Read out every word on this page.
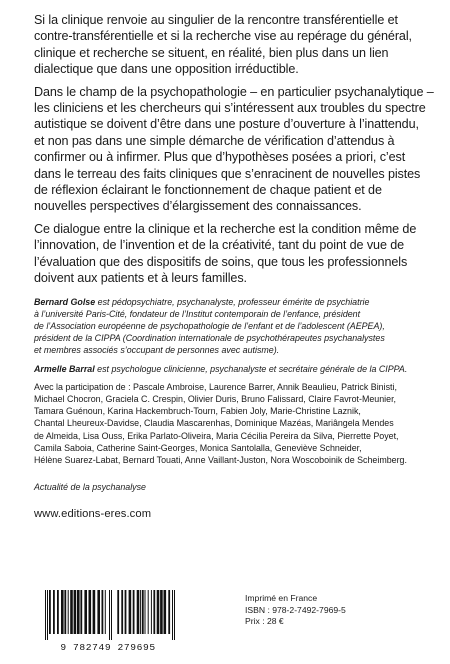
Si la clinique renvoie au singulier de la rencontre transférentielle et
contre-transférentielle et si la recherche vise au repérage du général,
clinique et recherche se situent, en réalité, bien plus dans un lien
dialectique que dans une opposition irréductible.

Dans le champ de la psychopathologie – en particulier psychanalytique –
les cliniciens et les chercheurs qui s’intéressent aux troubles du spectre
autistique se doivent d’être dans une posture d’ouverture à l’inattendu,
et non pas dans une simple démarche de vérification d’attendus à
confirmer ou à infirmer. Plus que d’hypothèses posées a priori, c’est
dans le terreau des faits cliniques que s’enracinent de nouvelles pistes
de réflexion éclairant le fonctionnement de chaque patient et de
nouvelles perspectives d’élargissement des connaissances.

Ce dialogue entre la clinique et la recherche est la condition même de
l’innovation, de l’invention et de la créativité, tant du point de vue de
l’évaluation que des dispositifs de soins, que tous les professionnels
doivent aux patients et à leurs familles.

Bernard Golse est pédopsychiatre, psychanalyste, professeur émérite de psychiatrie
à l’université Paris-Cité, fondateur de l’Institut contemporain de l’enfance, président
de l’Association européenne de psychopathologie de l’enfant et de l’adolescent (AEPEA),
président de la CIPPA (Coordination internationale de psychothérapeutes psychanalystes
et membres associés s’occupant de personnes avec autisme).

Armelle Barral est psychologue clinicienne, psychanalyste et secrétaire générale de la CIPPA.

Avec la participation de : Pascale Ambroise, Laurence Barrer, Annik Beaulieu, Patrick Binisti,
Michael Chocron, Graciela C. Crespin, Olivier Duris, Bruno Falissard, Claire Favrot-Meunier,
Tamara Guénoun, Karina Hackembruch-Tourn, Fabien Joly, Marie-Christine Laznik,
Chantal Lheureux-Davidse, Claudia Mascarenhas, Dominique Mazéas, Mariângela Mendes
de Almeida, Lisa Ouss, Erika Parlato-Oliveira, Maria Cécilia Pereira da Silva, Pierrette Poyet,
Camila Saboia, Catherine Saint-Georges, Monica Santolalla, Geneviève Schneider,
Hélène Suarez-Labat, Bernard Touati, Anne Vaillant-Juston, Nora Woscoboinik de Scheimberg.
Actualité de la psychanalyse
www.editions-eres.com
9 782749 279695
Imprimé en France
ISBN : 978-2-7492-7969-5
Prix : 28 €
